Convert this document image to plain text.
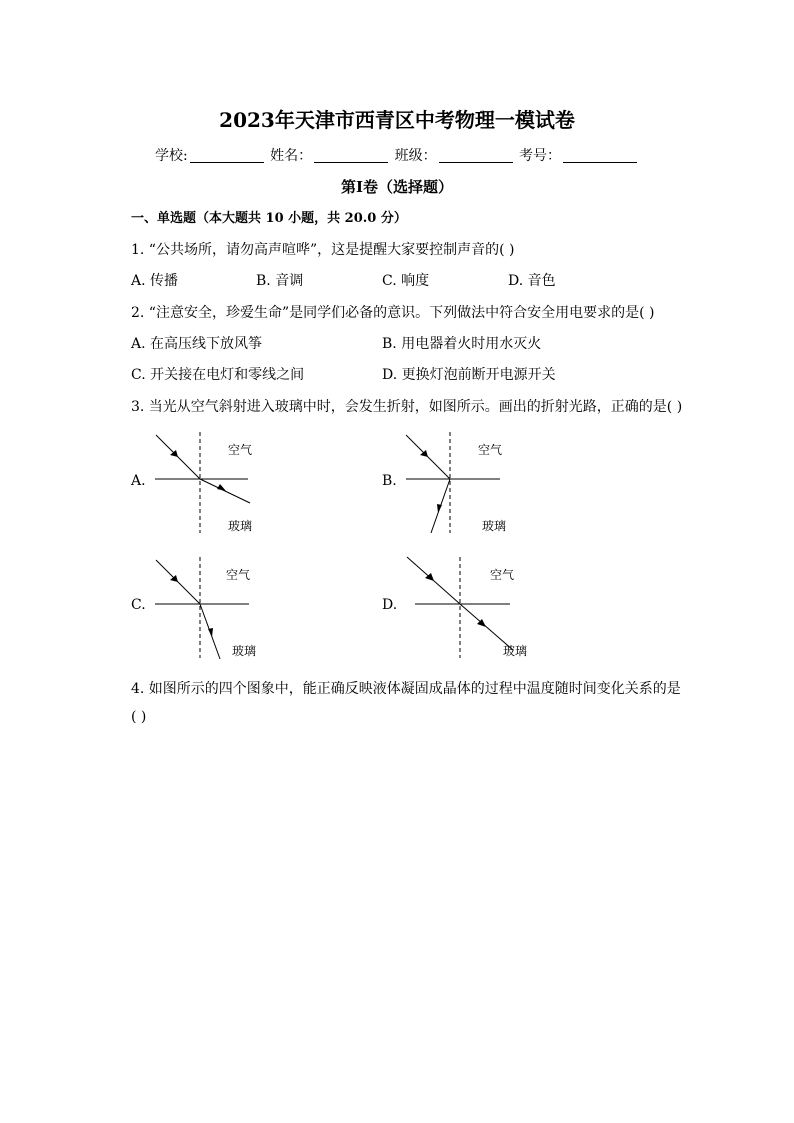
2023年天津市西青区中考物理一模试卷
学校:	姓名：	班级：	考号：
第I卷（选择题）
一、单选题（本大题共 10 小题，共 20.0 分）
1. “公共场所，请勿高声喧哗”，这是提醒大家要控制声音的( )
A. 传播	B. 音调	C. 响度	D. 音色
2. “注意安全，珍爱生命”是同学们必备的意识。下列做法中符合安全用电要求的是( )
A. 在高压线下放风筝	B. 用电器着火时用水灭火
C. 开关接在电灯和零线之间	D. 更换灯泡前断开电源开关
3. 当光从空气斜射进入玻璃中时，会发生折射，如图所示。画出的折射光路，正确的是( )
A.
空气
玻璃
B.
空气
玻璃
C.
空气
玻璃
D.
空气
玻璃
4. 如图所示的四个图象中，能正确反映液体凝固成晶体的过程中温度随时间变化关系的是
( )
